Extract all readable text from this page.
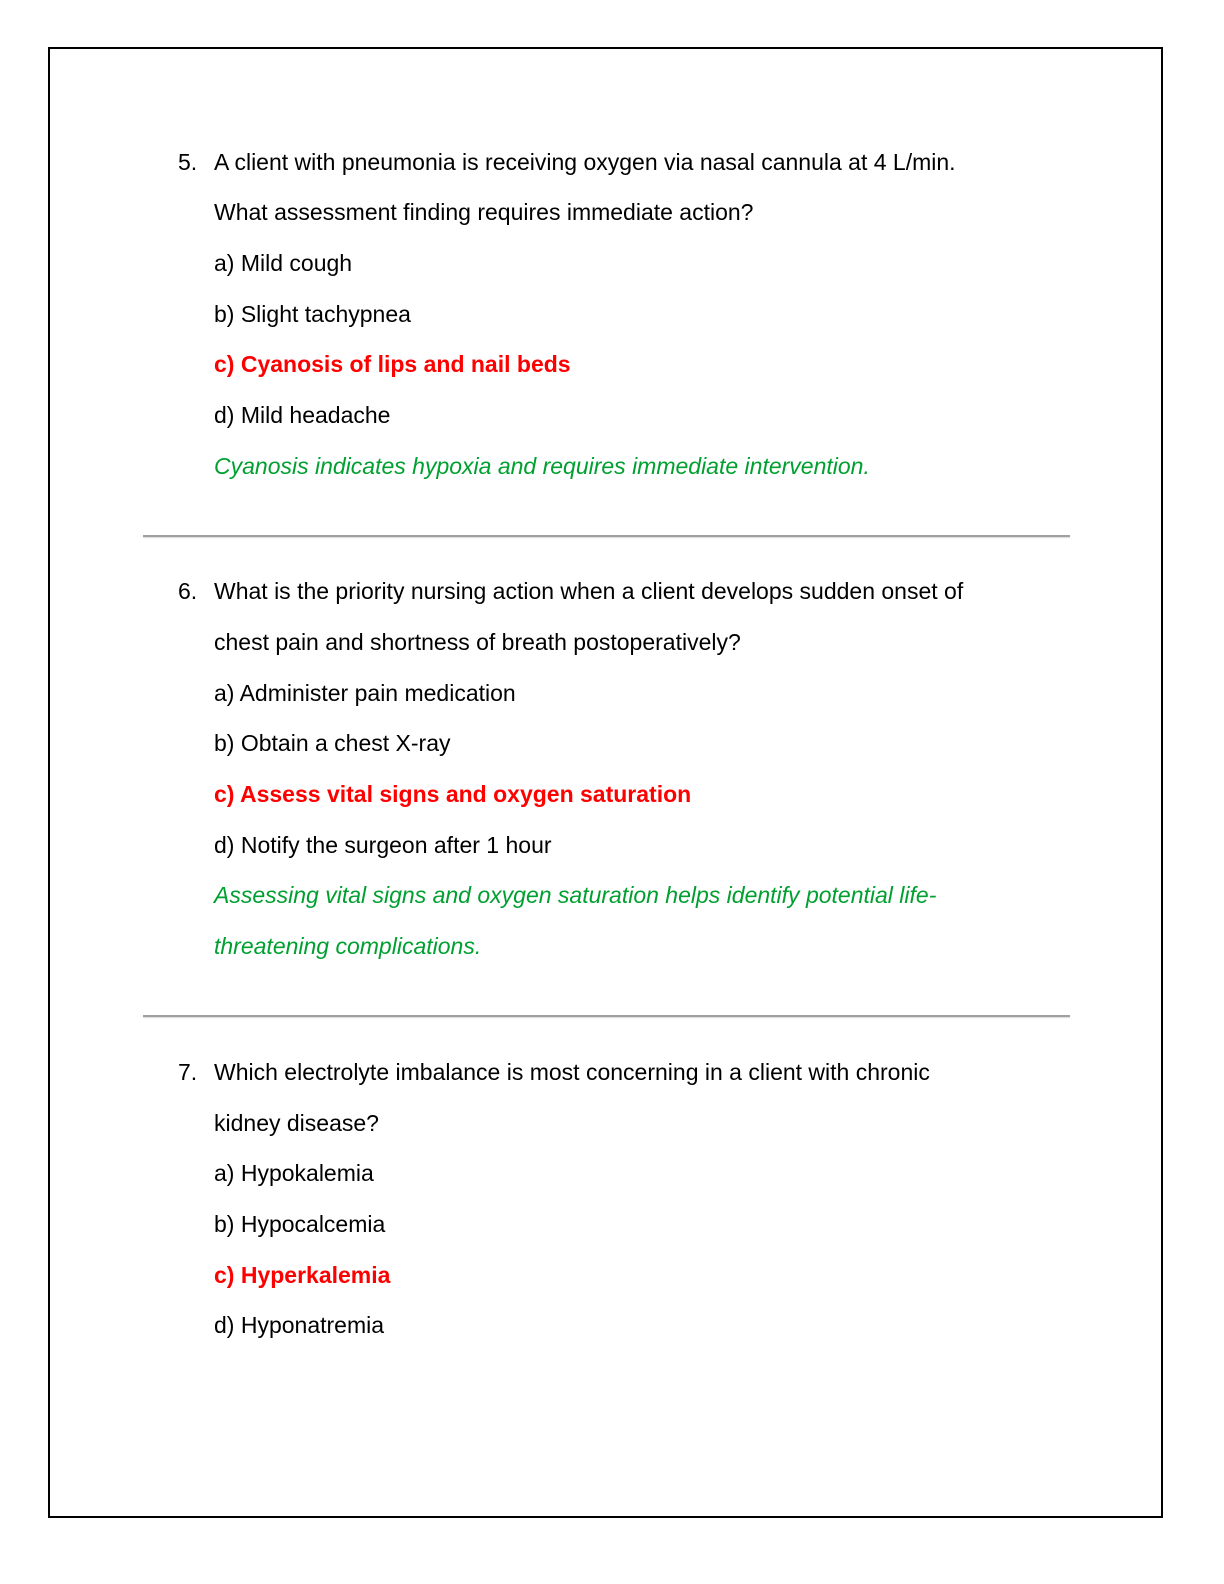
5. A client with pneumonia is receiving oxygen via nasal cannula at 4 L/min.
What assessment finding requires immediate action?
a) Mild cough
b) Slight tachypnea
c) Cyanosis of lips and nail beds
d) Mild headache
Cyanosis indicates hypoxia and requires immediate intervention.
6. What is the priority nursing action when a client develops sudden onset of
chest pain and shortness of breath postoperatively?
a) Administer pain medication
b) Obtain a chest X-ray
c) Assess vital signs and oxygen saturation
d) Notify the surgeon after 1 hour
Assessing vital signs and oxygen saturation helps identify potential life-
threatening complications.
7. Which electrolyte imbalance is most concerning in a client with chronic
kidney disease?
a) Hypokalemia
b) Hypocalcemia
c) Hyperkalemia
d) Hyponatremia
